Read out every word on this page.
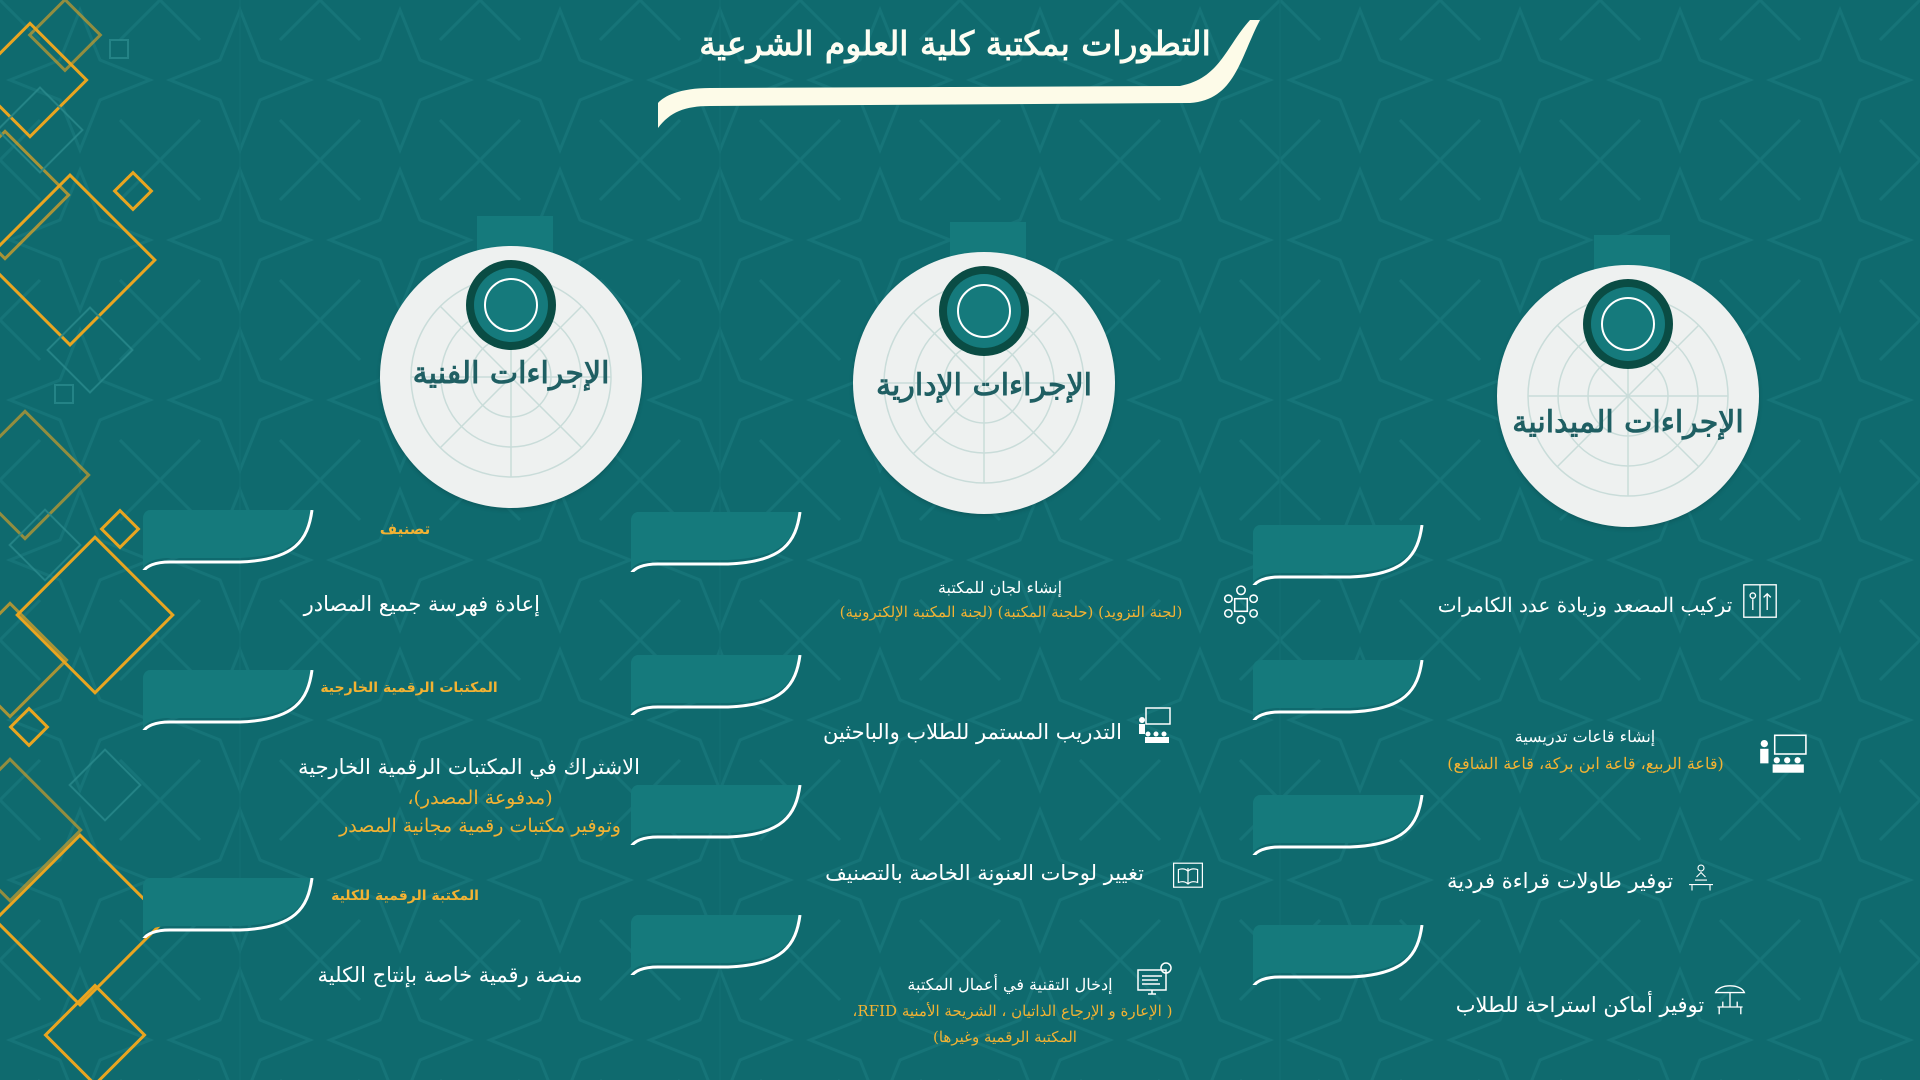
التطورات بمكتبة كلية العلوم الشرعية
الإجراءات الفنية	الإجراءات الإدارية
الإجراءات الميدانية
تصنيف
إعادة فهرسة جميع المصادر
المكتبات الرقمية الخارجية
الاشتراك في المكتبات الرقمية الخارجية
(مدفوعة المصدر)،
وتوفير مكتبات رقمية مجانية المصدر
المكتبة الرقمية للكلية
منصة رقمية خاصة بإنتاج الكلية
إنشاء لجان للمكتبة
(لجنة التزويد) (حلجنة المكتبة) (لجنة المكتبة الإلكترونية)
التدريب المستمر للطلاب والباحثين
تغيير لوحات العنونة الخاصة بالتصنيف
إدخال التقنية في أعمال المكتبة
( الإعارة و الإرجاع الذاتيان ، الشريحة الأمنية RFID،
المكتبة الرقمية وغيرها)
تركيب المصعد وزيادة عدد الكامرات
إنشاء قاعات تدريسية
(قاعة الربيع، قاعة ابن بركة، قاعة الشافع)
توفير طاولات قراءة فردية
توفير أماكن استراحة للطلاب
